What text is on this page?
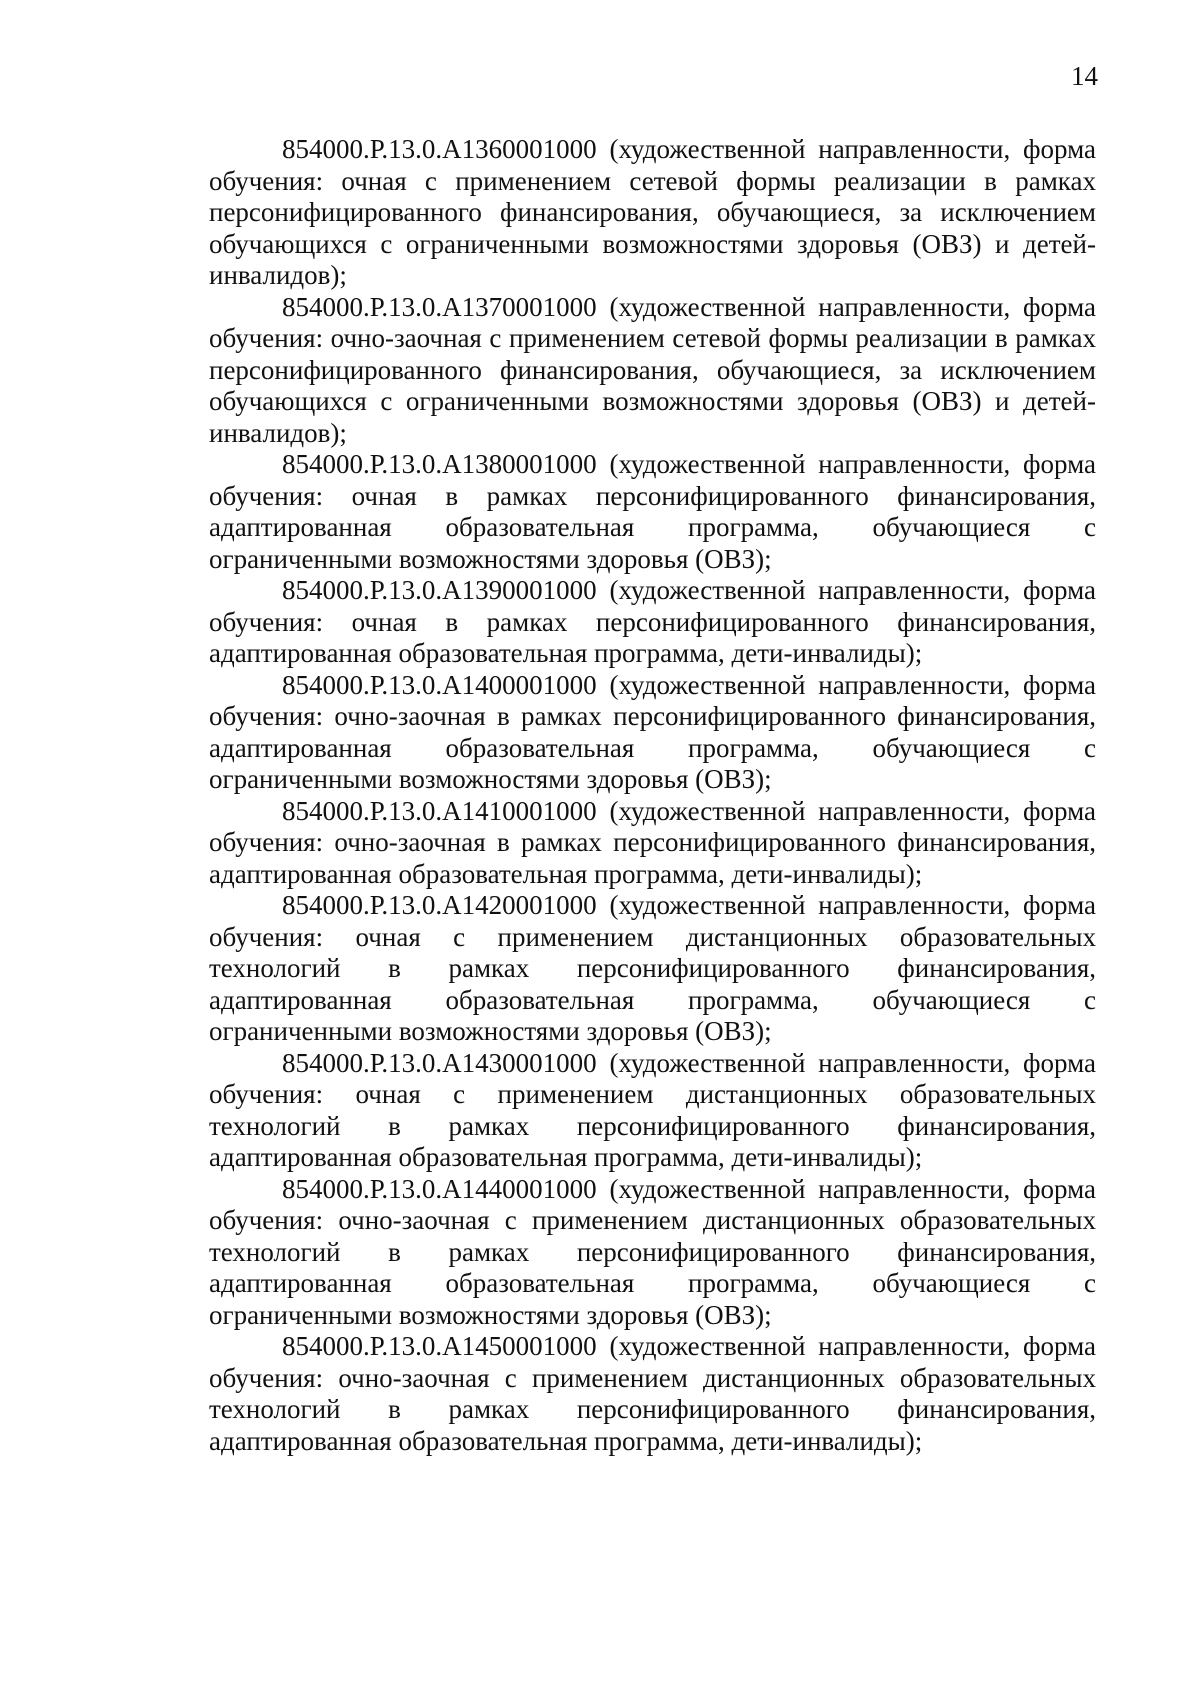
14

854000.Р.13.0.А1360001000 (художественной направленности, форма обучения: очная с применением сетевой формы реализации в рамках персонифицированного финансирования, обучающиеся, за исключением обучающихся с ограниченными возможностями здоровья (ОВЗ) и детей-инвалидов);

854000.Р.13.0.А1370001000 (художественной направленности, форма обучения: очно-заочная с применением сетевой формы реализации в рамках персонифицированного финансирования, обучающиеся, за исключением обучающихся с ограниченными возможностями здоровья (ОВЗ) и детей-инвалидов);

854000.Р.13.0.А1380001000 (художественной направленности, форма обучения: очная в рамках персонифицированного финансирования, адаптированная образовательная программа, обучающиеся с ограниченными возможностями здоровья (ОВЗ);

854000.Р.13.0.А1390001000 (художественной направленности, форма обучения: очная в рамках персонифицированного финансирования, адаптированная образовательная программа, дети-инвалиды);

854000.Р.13.0.А1400001000 (художественной направленности, форма обучения: очно-заочная в рамках персонифицированного финансирования, адаптированная образовательная программа, обучающиеся с ограниченными возможностями здоровья (ОВЗ);

854000.Р.13.0.А1410001000 (художественной направленности, форма обучения: очно-заочная в рамках персонифицированного финансирования, адаптированная образовательная программа, дети-инвалиды);

854000.Р.13.0.А1420001000 (художественной направленности, форма обучения: очная с применением дистанционных образовательных технологий в рамках персонифицированного финансирования, адаптированная образовательная программа, обучающиеся с ограниченными возможностями здоровья (ОВЗ);

854000.Р.13.0.А1430001000 (художественной направленности, форма обучения: очная с применением дистанционных образовательных технологий в рамках персонифицированного финансирования, адаптированная образовательная программа, дети-инвалиды);

854000.Р.13.0.А1440001000 (художественной направленности, форма обучения: очно-заочная с применением дистанционных образовательных технологий в рамках персонифицированного финансирования, адаптированная образовательная программа, обучающиеся с ограниченными возможностями здоровья (ОВЗ);

854000.Р.13.0.А1450001000 (художественной направленности, форма обучения: очно-заочная с применением дистанционных образовательных технологий в рамках персонифицированного финансирования, адаптированная образовательная программа, дети-инвалиды);
